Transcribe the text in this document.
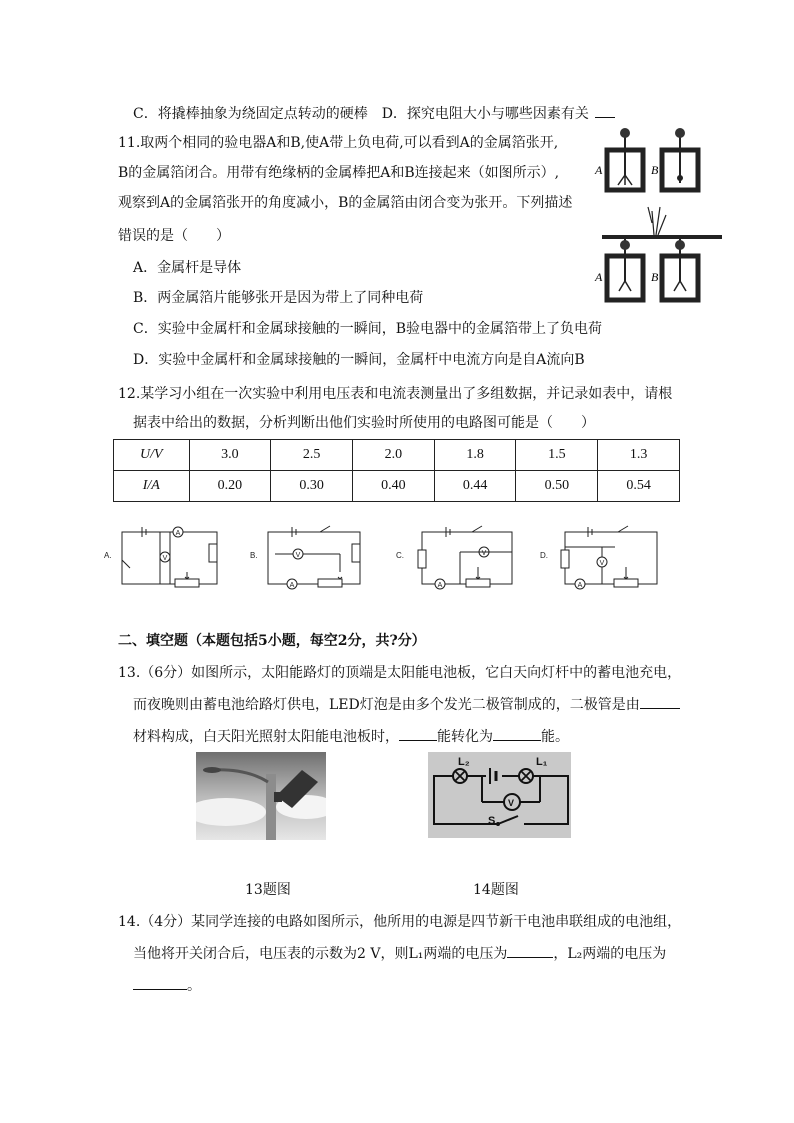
C．将撬棒抽象为绕固定点转动的硬棒　D．探究电阻大小与哪些因素有关
11.取两个相同的验电器A和B,使A带上负电荷,可以看到A的金属箔张开,
B的金属箔闭合。用带有绝缘柄的金属棒把A和B连接起来（如图所示）,
观察到A的金属箔张开的角度减小，B的金属箔由闭合变为张开。下列描述
错误的是（　　）
A．金属杆是导体
B．两金属箔片能够张开是因为带上了同种电荷
C．实验中金属杆和金属球接触的一瞬间，B验电器中的金属箔带上了负电荷
D．实验中金属杆和金属球接触的一瞬间，金属杆中电流方向是自A流向B
A	B
A	B
12.某学习小组在一次实验中利用电压表和电流表测量出了多组数据，并记录如表中，请根
据表中给出的数据，分析判断出他们实验时所使用的电路图可能是（　　）
U/V	3.0	2.5	2.0	1.8	1.5	1.3
I/A	0.20	0.30	0.40	0.44	0.50	0.54
A
V	V
A
V
A
V
A
A.	B.	C.	D.
二、填空题（本题包括5小题，每空2分，共?分）
13.（6分）如图所示，太阳能路灯的顶端是太阳能电池板，它白天向灯杆中的蓄电池充电，
而夜晚则由蓄电池给路灯供电，LED灯泡是由多个发光二极管制成的，二极管是由
材料构成，白天阳光照射太阳能电池板时，	能转化为	能。
L₂	L₁
V
S
13题图	14题图
14.（4分）某同学连接的电路如图所示，他所用的电源是四节新干电池串联组成的电池组，
当他将开关闭合后，电压表的示数为2 V，则L₁两端的电压为	，L₂两端的电压为
。
